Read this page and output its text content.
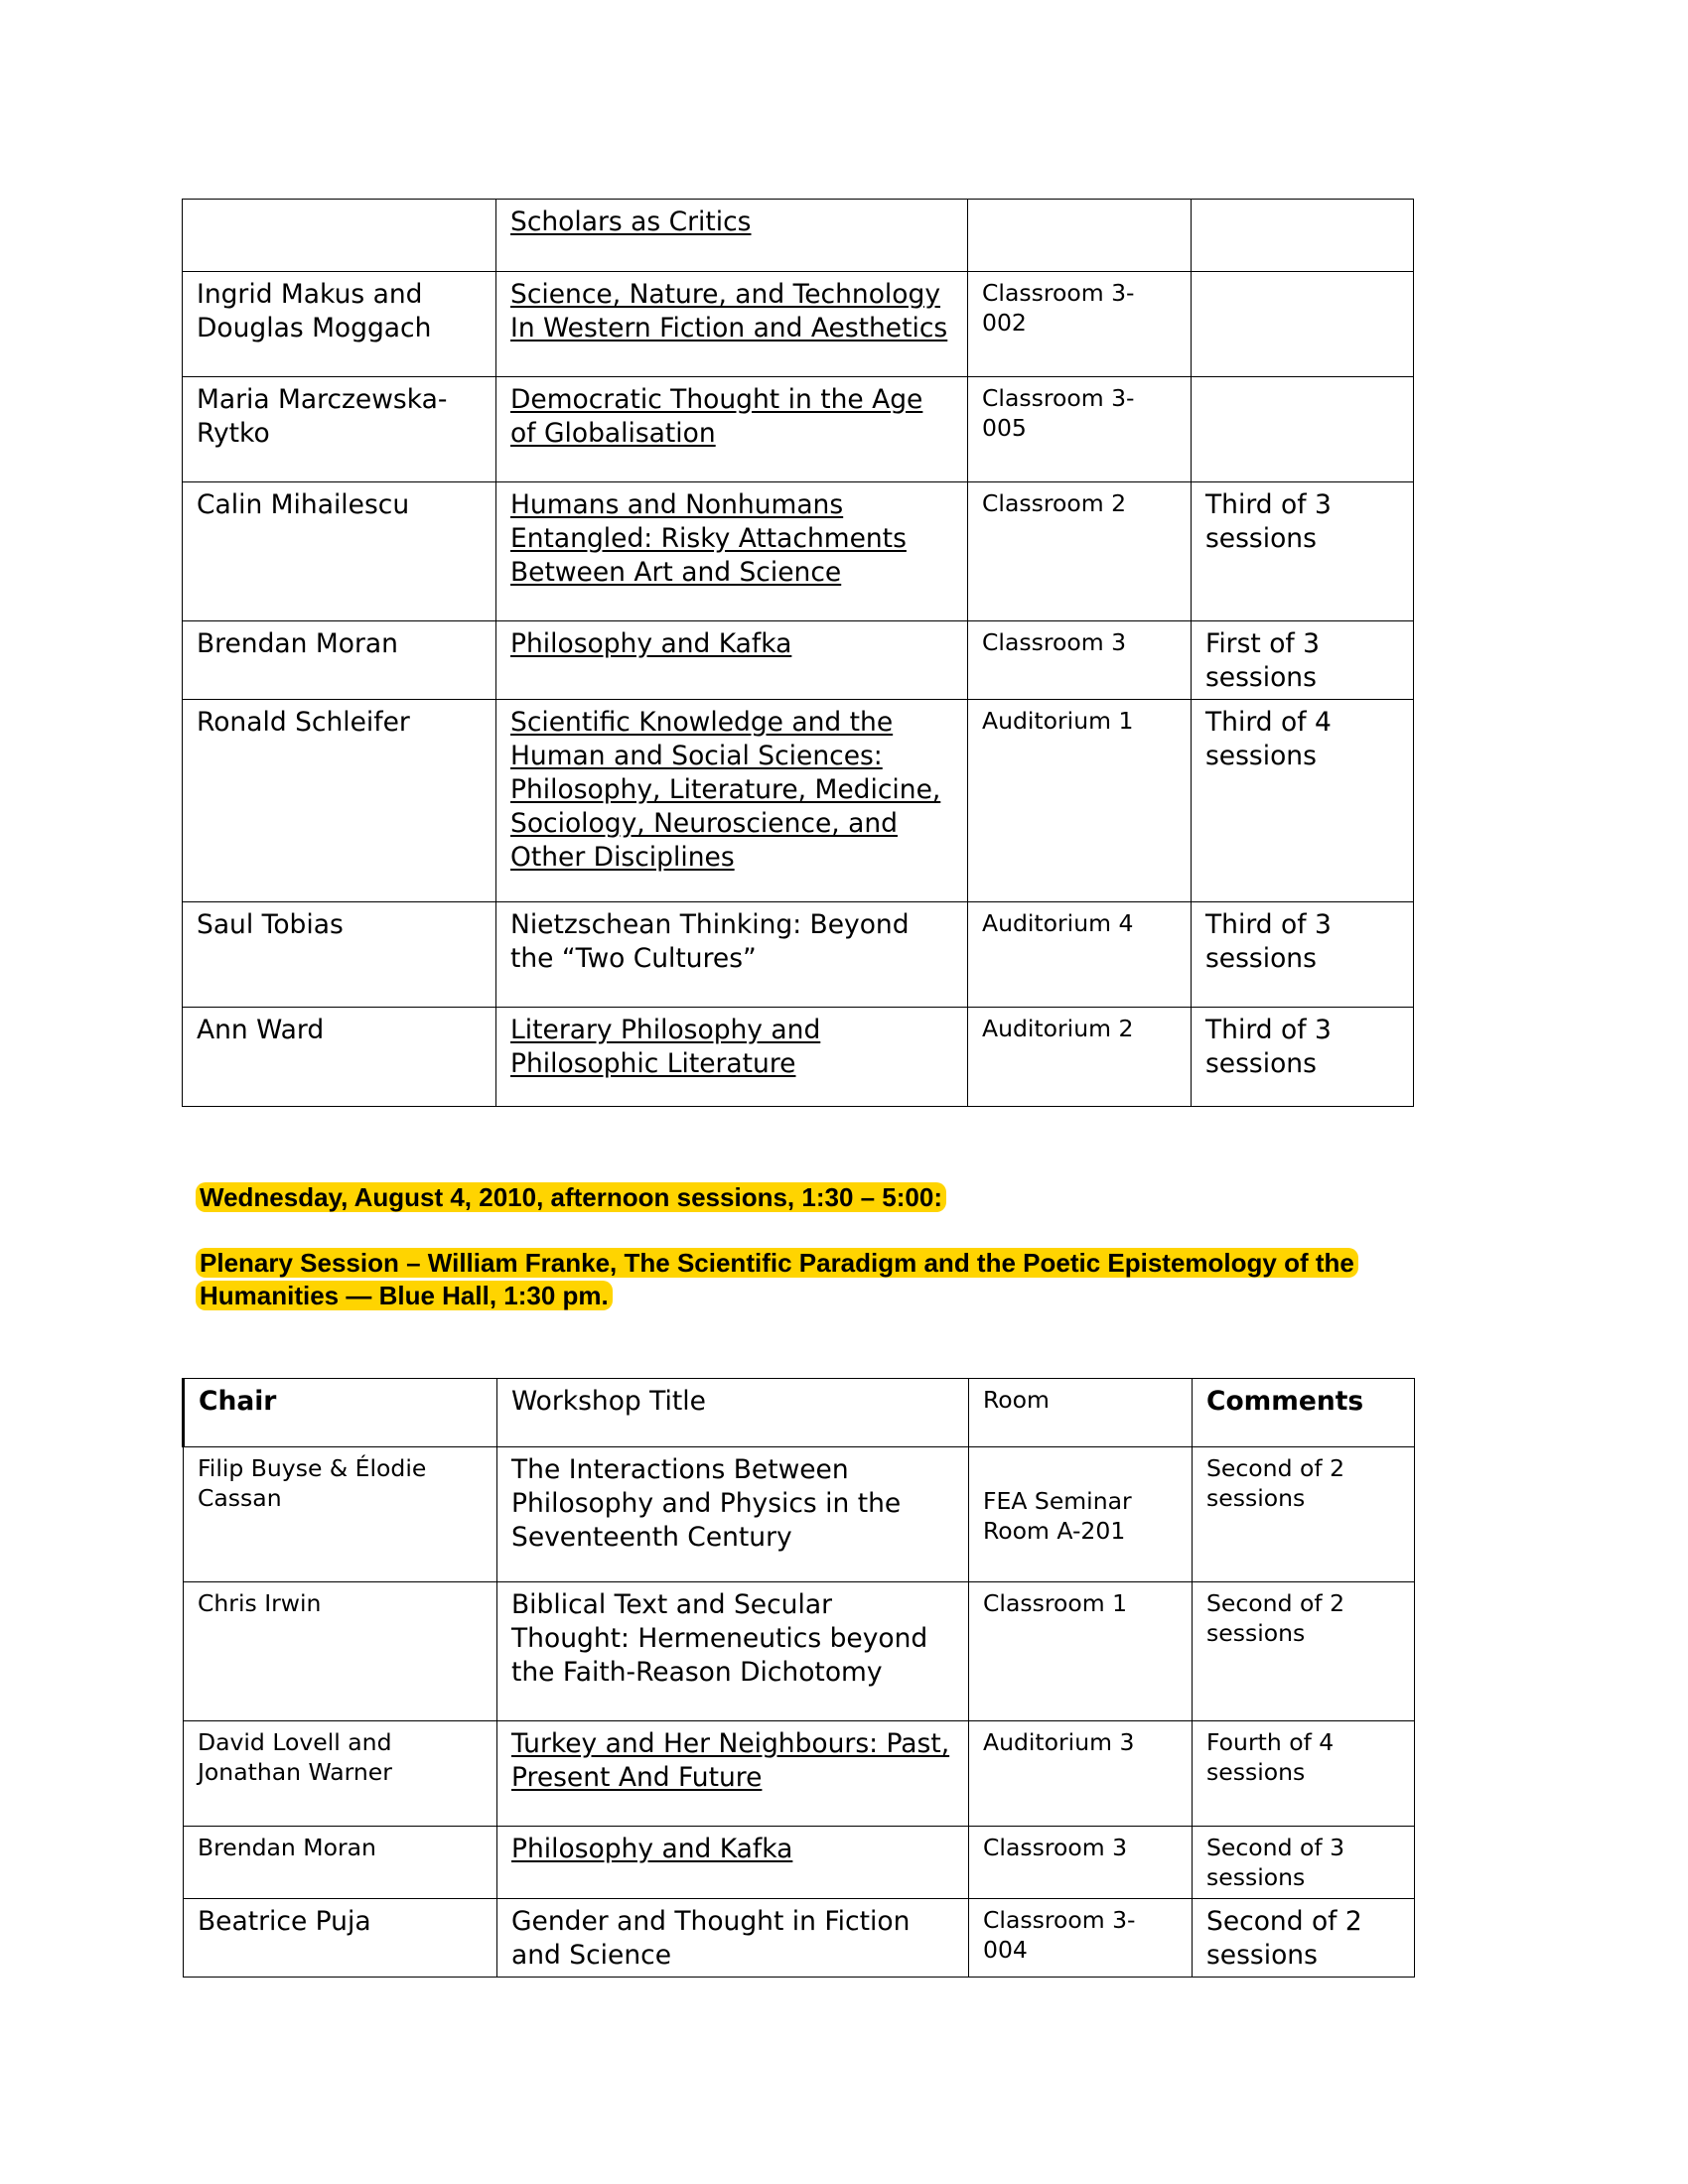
	Scholars as Critics		
Ingrid Makus and Douglas Moggach	Science, Nature, and Technology In Western Fiction and Aesthetics	Classroom 3-002	
Maria Marczewska-Rytko	Democratic Thought in the Age of Globalisation	Classroom 3-005	
Calin Mihailescu	Humans and Nonhumans Entangled: Risky Attachments Between Art and Science	Classroom 2	Third of 3 sessions
Brendan Moran	Philosophy and Kafka	Classroom 3	First of 3 sessions
Ronald Schleifer	Scientific Knowledge and the Human and Social Sciences: Philosophy, Literature, Medicine, Sociology, Neuroscience, and Other Disciplines	Auditorium 1	Third of 4 sessions
Saul Tobias	Nietzschean Thinking: Beyond the “Two Cultures”	Auditorium 4	Third of 3 sessions
Ann Ward	Literary Philosophy and Philosophic Literature	Auditorium 2	Third of 3 sessions
Wednesday, August 4, 2010, afternoon sessions, 1:30 – 5:00:
Plenary Session – William Franke, The Scientific Paradigm and the Poetic Epistemology of the Humanities — Blue Hall, 1:30 pm.
Chair	Workshop Title	Room	Comments
Filip Buyse & Élodie Cassan	The Interactions Between Philosophy and Physics in the Seventeenth Century	FEA Seminar Room A-201	Second of 2 sessions
Chris Irwin	Biblical Text and Secular Thought: Hermeneutics beyond the Faith-Reason Dichotomy	Classroom 1	Second of 2 sessions
David Lovell and Jonathan Warner	Turkey and Her Neighbours: Past, Present And Future	Auditorium 3	Fourth of 4 sessions
Brendan Moran	Philosophy and Kafka	Classroom 3	Second of 3 sessions
Beatrice Puja	Gender and Thought in Fiction and Science	Classroom 3-004	Second of 2 sessions
